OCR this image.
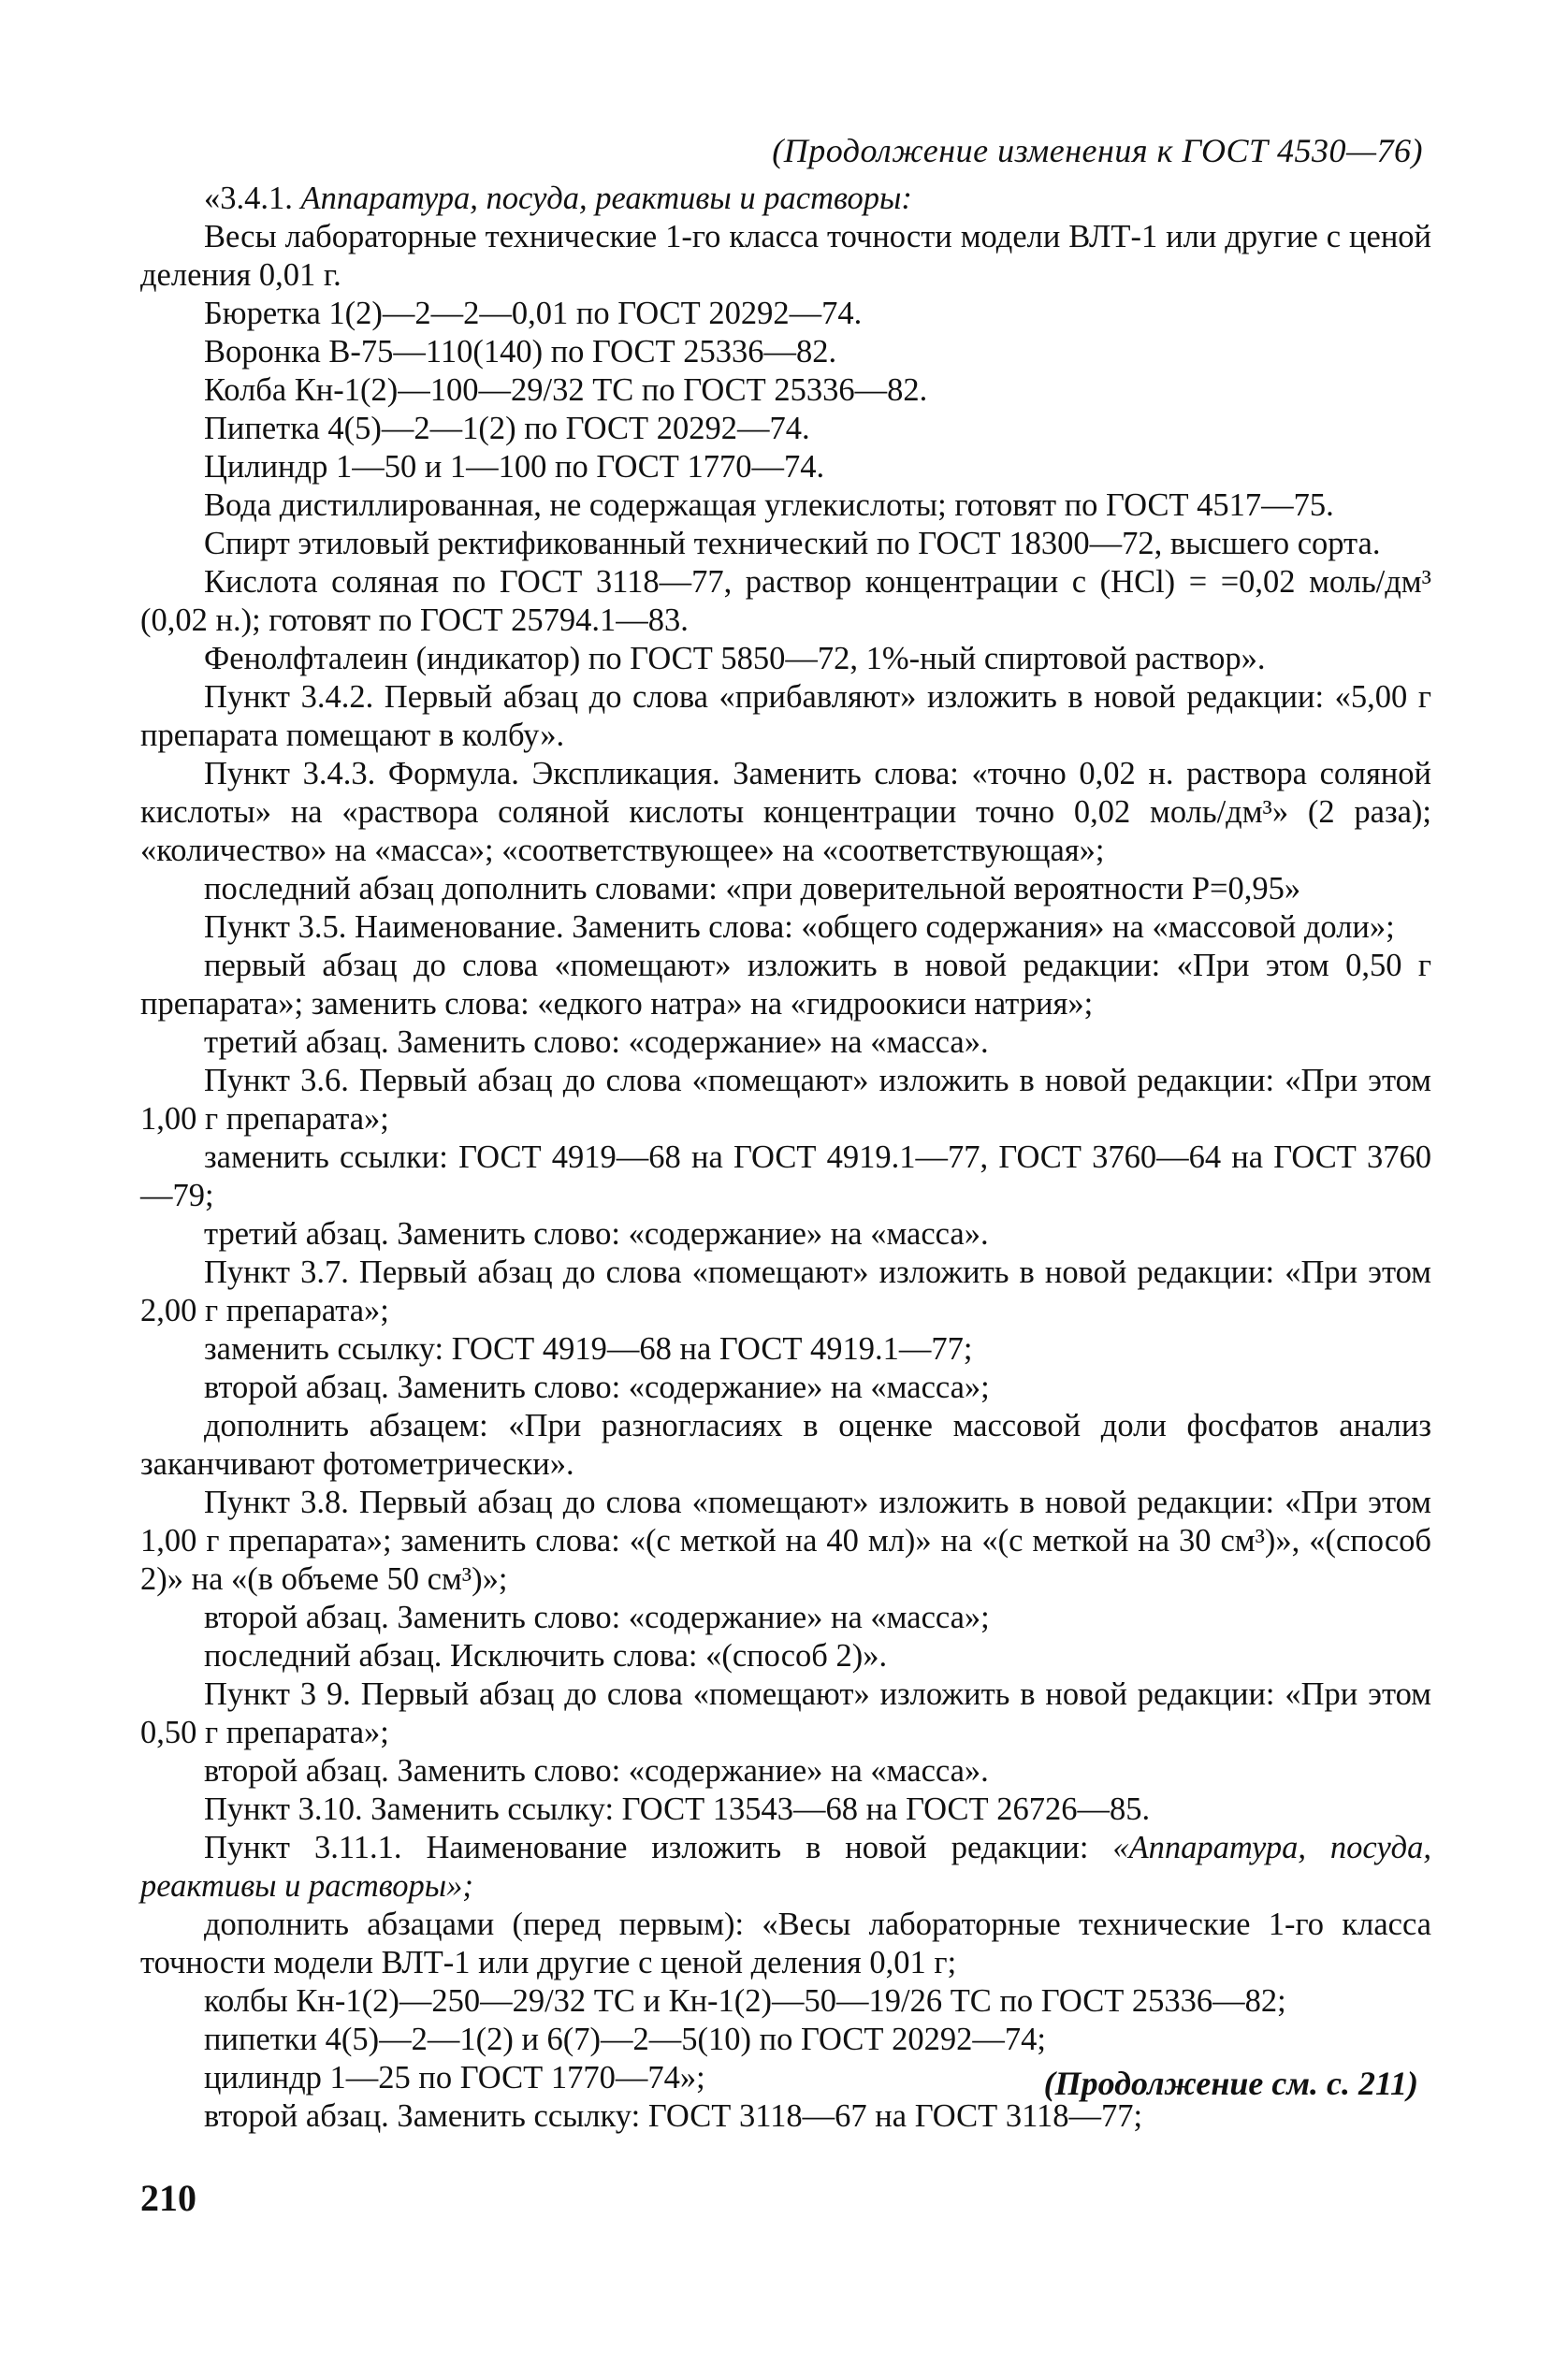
(Продолжение изменения к ГОСТ 4530—76)

«3.4.1. Аппаратура, посуда, реактивы и растворы:

Весы лабораторные технические 1-го класса точности модели ВЛТ-1 или другие с ценой деления 0,01 г.

Бюретка 1(2)—2—2—0,01 по ГОСТ 20292—74.

Воронка В-75—110(140) по ГОСТ 25336—82.

Колба Кн-1(2)—100—29/32 ТС по ГОСТ 25336—82.

Пипетка 4(5)—2—1(2) по ГОСТ 20292—74.

Цилиндр 1—50 и 1—100 по ГОСТ 1770—74.

Вода дистиллированная, не содержащая углекислоты; готовят по ГОСТ 4517—75.

Спирт этиловый ректификованный технический по ГОСТ 18300—72, высшего сорта.

Кислота соляная по ГОСТ 3118—77, раствор концентрации с (HCl) = =0,02 моль/дм³ (0,02 н.); готовят по ГОСТ 25794.1—83.

Фенолфталеин (индикатор) по ГОСТ 5850—72, 1%-ный спиртовой раствор».

Пункт 3.4.2. Первый абзац до слова «прибавляют» изложить в новой редакции: «5,00 г препарата помещают в колбу».

Пункт 3.4.3. Формула. Экспликация. Заменить слова: «точно 0,02 н. раствора соляной кислоты» на «раствора соляной кислоты концентрации точно 0,02 моль/дм³» (2 раза); «количество» на «масса»; «соответствующее» на «соответствующая»;

последний абзац дополнить словами: «при доверительной вероятности Р=0,95»

Пункт 3.5. Наименование. Заменить слова: «общего содержания» на «массовой доли»;

первый абзац до слова «помещают» изложить в новой редакции: «При этом 0,50 г препарата»; заменить слова: «едкого натра» на «гидроокиси натрия»;

третий абзац. Заменить слово: «содержание» на «масса».

Пункт 3.6. Первый абзац до слова «помещают» изложить в новой редакции: «При этом 1,00 г препарата»;

заменить ссылки: ГОСТ 4919—68 на ГОСТ 4919.1—77, ГОСТ 3760—64 на ГОСТ 3760—79;

третий абзац. Заменить слово: «содержание» на «масса».

Пункт 3.7. Первый абзац до слова «помещают» изложить в новой редакции: «При этом 2,00 г препарата»;

заменить ссылку: ГОСТ 4919—68 на ГОСТ 4919.1—77;

второй абзац. Заменить слово: «содержание» на «масса»;

дополнить абзацем: «При разногласиях в оценке массовой доли фосфатов анализ заканчивают фотометрически».

Пункт 3.8. Первый абзац до слова «помещают» изложить в новой редакции: «При этом 1,00 г препарата»; заменить слова: «(с меткой на 40 мл)» на «(с меткой на 30 см³)», «(способ 2)» на «(в объеме 50 см³)»;

второй абзац. Заменить слово: «содержание» на «масса»;

последний абзац. Исключить слова: «(способ 2)».

Пункт 3 9. Первый абзац до слова «помещают» изложить в новой редакции: «При этом 0,50 г препарата»;

второй абзац. Заменить слово: «содержание» на «масса».

Пункт 3.10. Заменить ссылку: ГОСТ 13543—68 на ГОСТ 26726—85.

Пункт 3.11.1. Наименование изложить в новой редакции: «Аппаратура, посуда, реактивы и растворы»;

дополнить абзацами (перед первым): «Весы лабораторные технические 1-го класса точности модели ВЛТ-1 или другие с ценой деления 0,01 г;

колбы Кн-1(2)—250—29/32 ТС и Кн-1(2)—50—19/26 ТС по ГОСТ 25336—82;

пипетки 4(5)—2—1(2) и 6(7)—2—5(10) по ГОСТ 20292—74;

цилиндр 1—25 по ГОСТ 1770—74»;

второй абзац. Заменить ссылку: ГОСТ 3118—67 на ГОСТ 3118—77;

(Продолжение см. с. 211)
210
